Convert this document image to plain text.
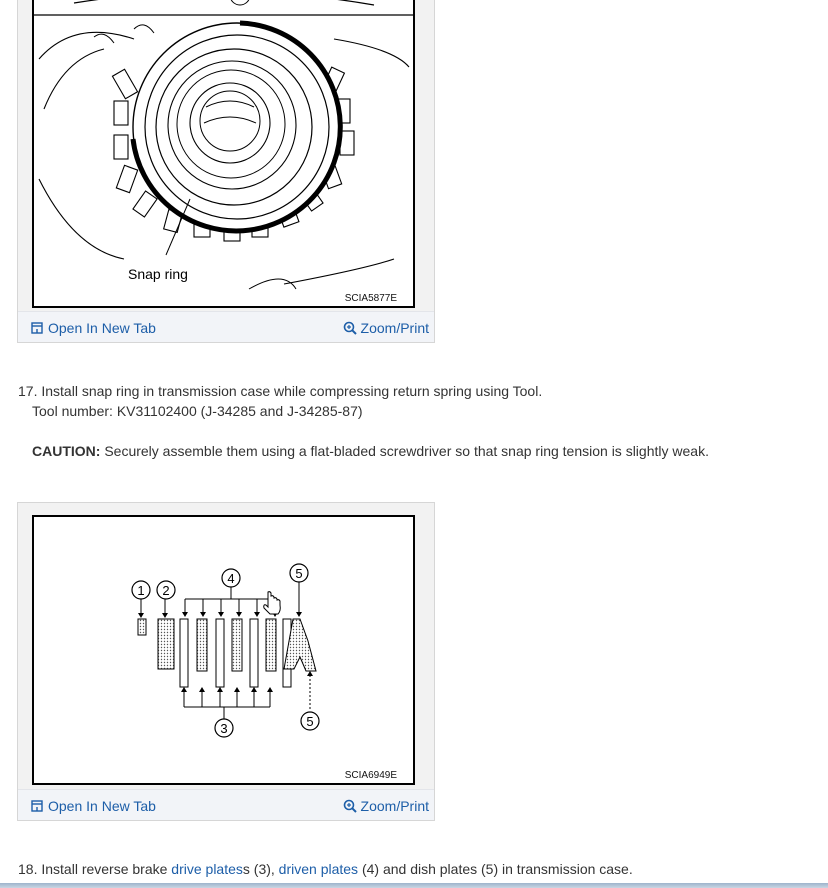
Snap ring
SCIA5877E
Open In New Tab	Zoom/Print
17. Install snap ring in transmission case while compressing return spring using Tool.
Tool number: KV31102400 (J-34285 and J-34285-87)
CAUTION: Securely assemble them using a flat-bladed screwdriver so that snap ring tension is slightly weak.
1 2
4	5
3	5
SCIA6949E
Open In New Tab	Zoom/Print
18. Install reverse brake drive platess (3), driven plates (4) and dish plates (5) in transmission case.
